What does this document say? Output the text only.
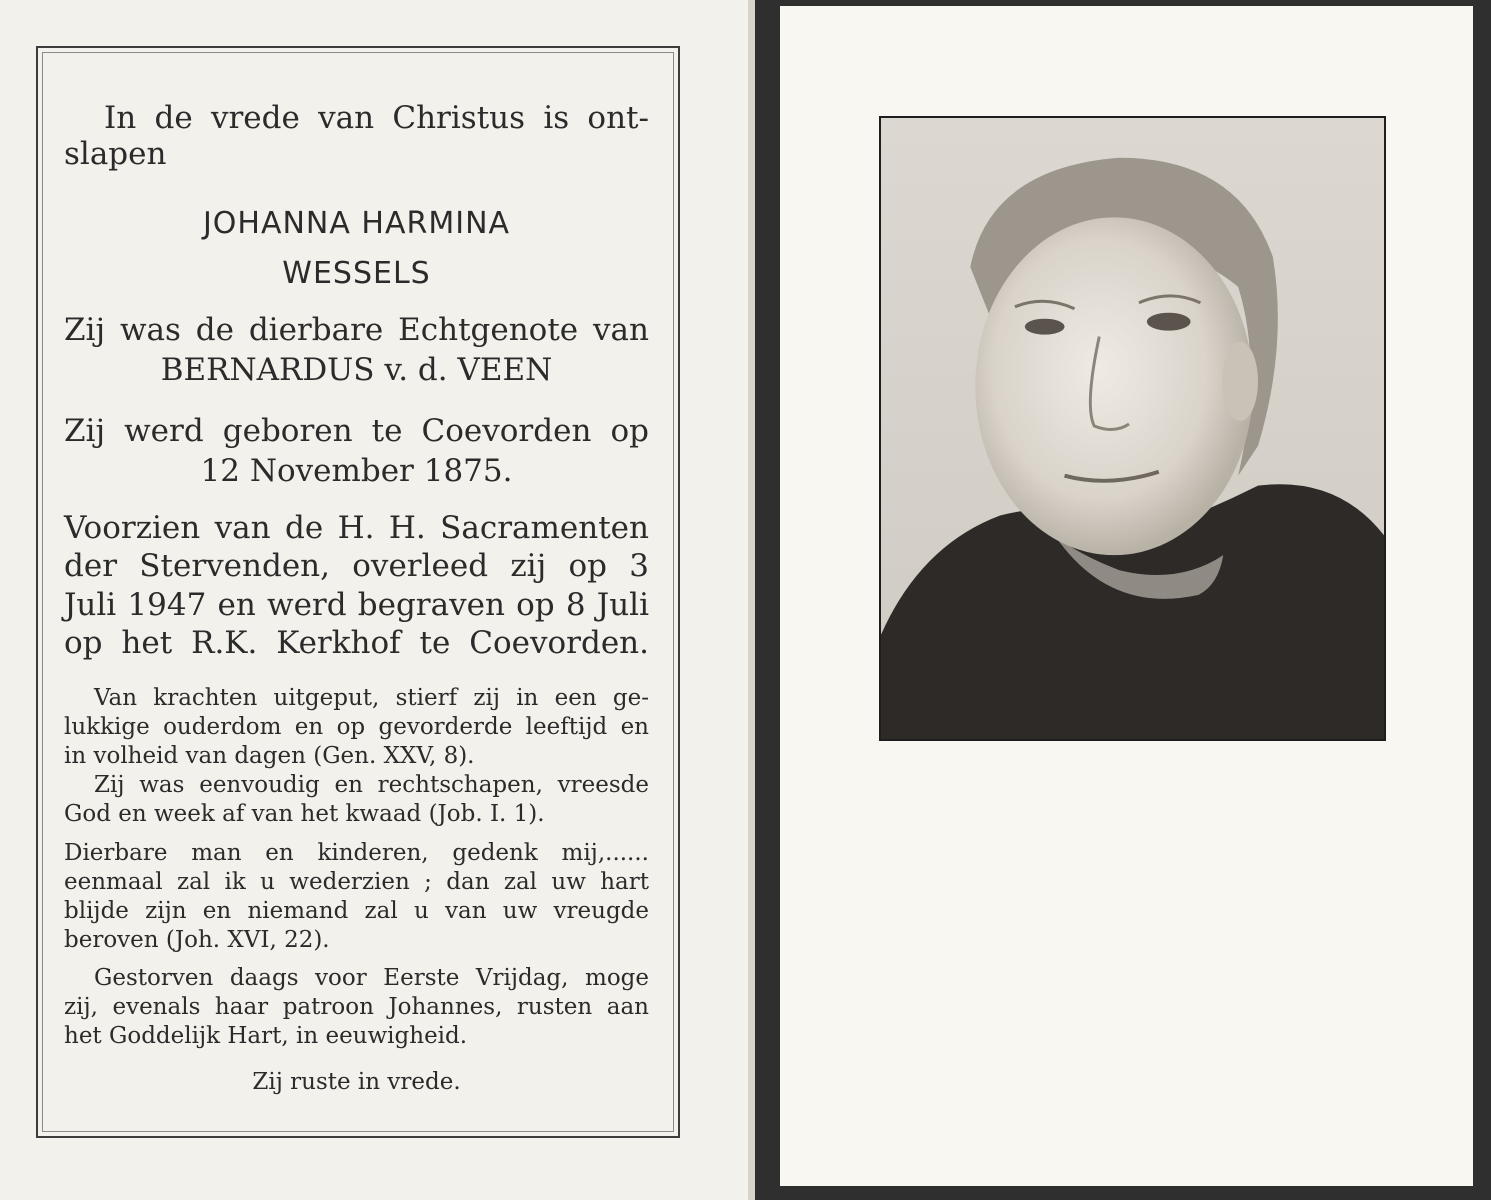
In de vrede van Christus is ont-
slapen
JOHANNA HARMINA
WESSELS
Zij was de dierbare Echtgenote van
BERNARDUS v. d. VEEN
Zij werd geboren te Coevorden op
12 November 1875.
Voorzien van de H. H. Sacramenten
der Stervenden, overleed zij op 3
Juli 1947 en werd begraven op 8 Juli
op het R.K. Kerkhof te Coevorden.
Van krachten uitgeput, stierf zij in een ge-
lukkige ouderdom en op gevorderde leeftijd en
in volheid van dagen (Gen. XXV, 8).
Zij was eenvoudig en rechtschapen, vreesde
God en week af van het kwaad (Job. I. 1).
Dierbare man en kinderen, gedenk mij,......
eenmaal zal ik u wederzien ; dan zal uw hart
blijde zijn en niemand zal u van uw vreugde
beroven (Joh. XVI, 22).
Gestorven daags voor Eerste Vrijdag, moge
zij, evenals haar patroon Johannes, rusten aan
het Goddelijk Hart, in eeuwigheid.
Zij ruste in vrede.
